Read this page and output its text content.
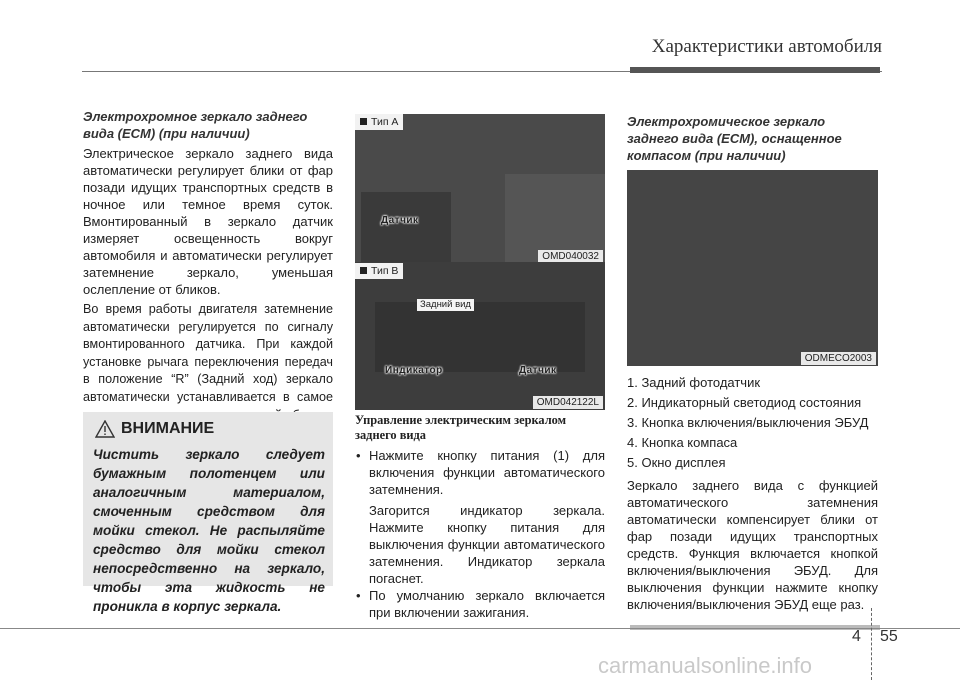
Характеристики автомобиля

Электрохромное зеркало заднего вида (ECM) (при наличии)

Электрическое зеркало заднего вида автоматически регулирует блики от фар позади идущих транспортных средств в ночное или темное время суток. Вмонтированный в зеркало датчик измеряет освещенность вокруг автомобиля и автоматически регулирует затемнение зеркало, уменьшая ослепление от бликов.

Во время работы двигателя затемнение автоматически регулируется по сигналу вмонтированного датчика. При каждой установке рычага переключения передач в положение “R” (Задний ход) зеркало автоматически устанавливается в самое

ВНИМАНИЕ
Чистить зеркало следует бумажным полотенцем или аналогичным материалом, смоченным средством для мойки стекол. Не распыляйте средство для мойки стекол непосредственно на зеркало, чтобы эта жидкость не проникла в корпус зеркала.
Тип А
Датчик
OMD040032
Тип B
Задний вид
Индикатор	Датчик
OMD042122L
Управление электрическим зеркалом заднего вида
• Нажмите кнопку питания (1) для включения функции автоматического затемнения.
Загорится индикатор зеркала. Нажмите кнопку питания для выключения функции автоматического затемнения. Индикатор зеркала погаснет.
• По умолчанию зеркало включается при включении зажигания.

Электрохромическое зеркало заднего вида (ECM), оснащенное компасом (при наличии)

ODMECO2003
1. Задний фотодатчик
2. Индикаторный светодиод состояния
3. Кнопка включения/выключения ЭБУД
4. Кнопка компаса
5. Окно дисплея
Зеркало заднего вида с функцией автоматического затемнения автоматически компенсирует блики от фар позади идущих транспортных средств. Функция включается кнопкой включения/выключения ЭБУД. Для выключения функции нажмите кнопку включения/выключения ЭБУД еще раз.
4 55
carmanualsonline.info
